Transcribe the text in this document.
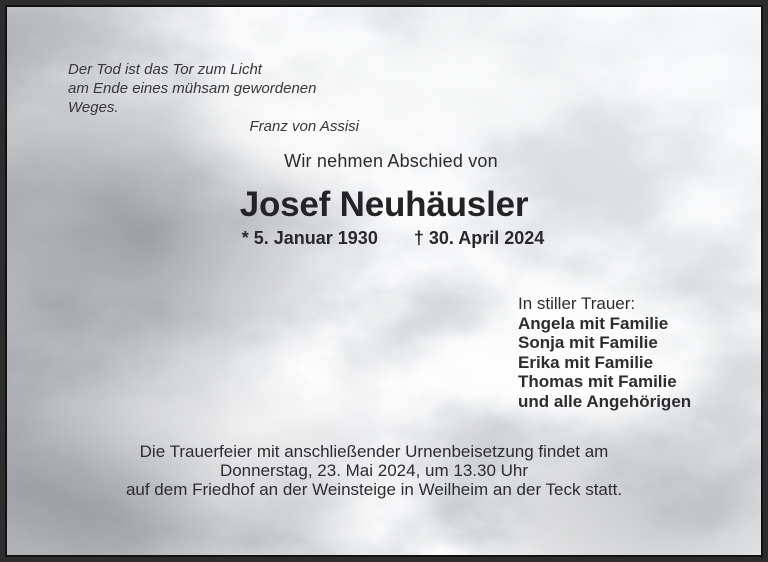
Der Tod ist das Tor zum Licht
am Ende eines mühsam gewordenen Weges.
Franz von Assisi
Wir nehmen Abschied von
Josef Neuhäusler
* 5. Januar 1930 † 30. April 2024
In stiller Trauer:
Angela mit Familie
Sonja mit Familie
Erika mit Familie
Thomas mit Familie
und alle Angehörigen
Die Trauerfeier mit anschließender Urnenbeisetzung findet am
Donnerstag, 23. Mai 2024, um 13.30 Uhr
auf dem Friedhof an der Weinsteige in Weilheim an der Teck statt.
